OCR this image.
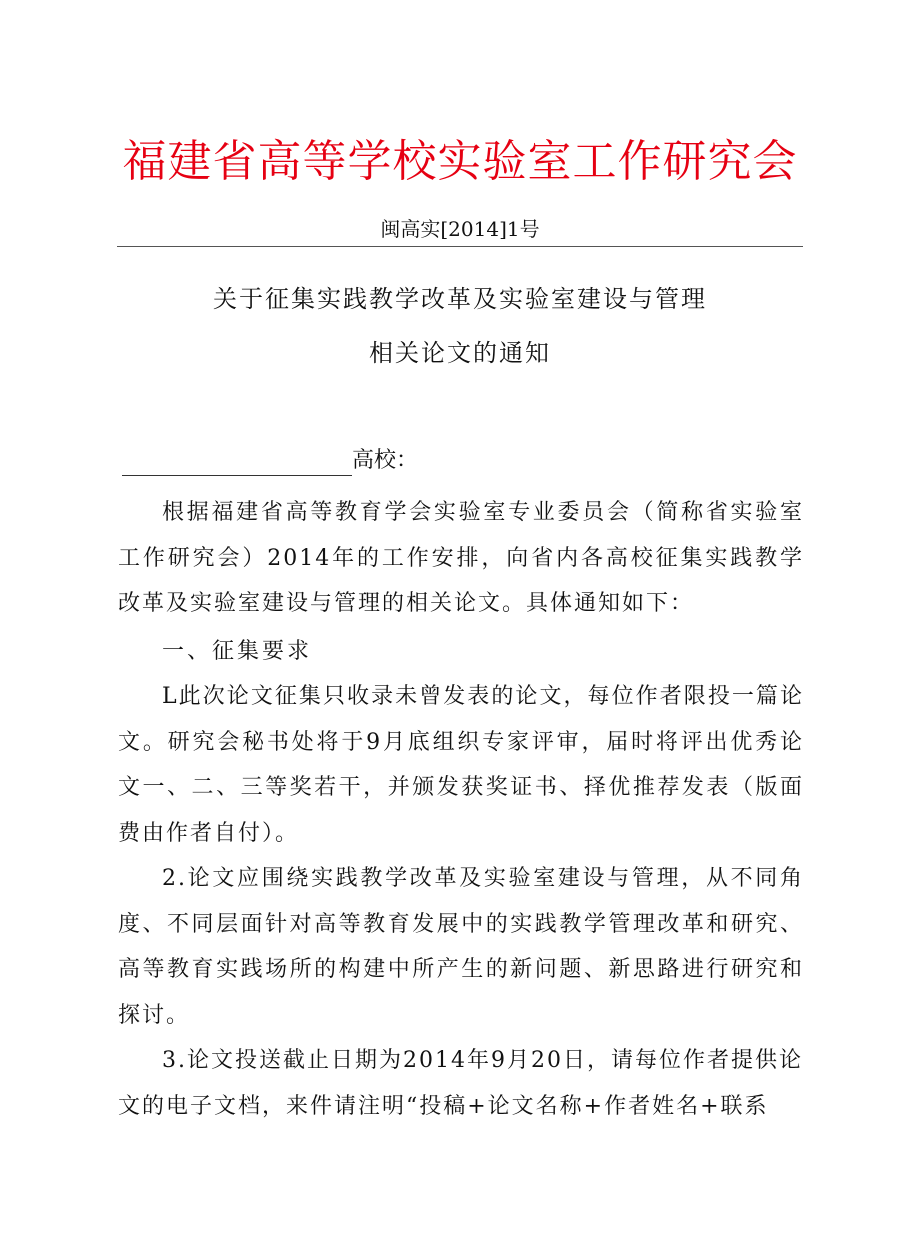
福建省高等学校实验室工作研究会
闽高实[2014]1号
关于征集实践教学改革及实验室建设与管理
相关论文的通知
高校：

根据福建省高等教育学会实验室专业委员会（简称省实验室工作研究会）2014年的工作安排，向省内各高校征集实践教学改革及实验室建设与管理的相关论文。具体通知如下：

一、征集要求

L此次论文征集只收录未曾发表的论文，每位作者限投一篇论文。研究会秘书处将于9月底组织专家评审，届时将评出优秀论文一、二、三等奖若干，并颁发获奖证书、择优推荐发表（版面费由作者自付）。

2.论文应围绕实践教学改革及实验室建设与管理，从不同角度、不同层面针对高等教育发展中的实践教学管理改革和研究、高等教育实践场所的构建中所产生的新问题、新思路进行研究和探讨。

3.论文投送截止日期为2014年9月20日，请每位作者提供论文的电子文档，来件请注明“投稿+论文名称+作者姓名+联系
